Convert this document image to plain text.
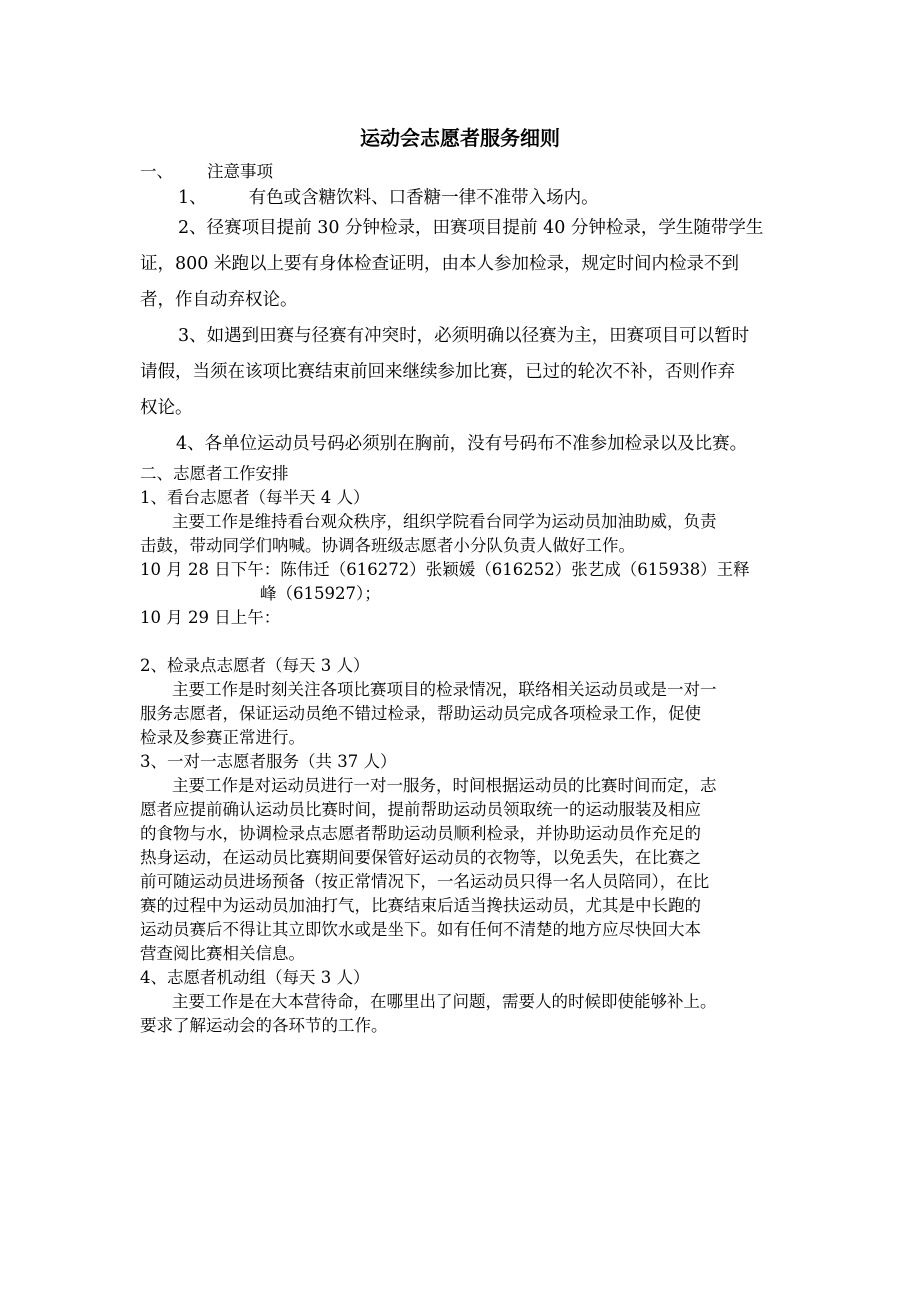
运动会志愿者服务细则
一、 注意事项
1、 有色或含糖饮料、口香糖一律不准带入场内。
2、径赛项目提前 30 分钟检录，田赛项目提前 40 分钟检录，学生随带学生
证，800 米跑以上要有身体检查证明，由本人参加检录，规定时间内检录不到
者，作自动弃权论。
3、如遇到田赛与径赛有冲突时，必须明确以径赛为主，田赛项目可以暂时
请假，当须在该项比赛结束前回来继续参加比赛，已过的轮次不补，否则作弃
权论。
4、各单位运动员号码必须别在胸前，没有号码布不准参加检录以及比赛。
二、志愿者工作安排
1、看台志愿者（每半天 4 人）
主要工作是维持看台观众秩序，组织学院看台同学为运动员加油助威，负责
击鼓，带动同学们呐喊。协调各班级志愿者小分队负责人做好工作。
10 月 28 日下午：陈伟迁（616272）张颖媛（616252）张艺成（615938）王释
峰（615927）；
10 月 29 日上午：
2、检录点志愿者（每天 3 人）
主要工作是时刻关注各项比赛项目的检录情况，联络相关运动员或是一对一
服务志愿者，保证运动员绝不错过检录，帮助运动员完成各项检录工作，促使
检录及参赛正常进行。
3、一对一志愿者服务（共 37 人）
主要工作是对运动员进行一对一服务，时间根据运动员的比赛时间而定，志
愿者应提前确认运动员比赛时间，提前帮助运动员领取统一的运动服装及相应
的食物与水，协调检录点志愿者帮助运动员顺利检录，并协助运动员作充足的
热身运动，在运动员比赛期间要保管好运动员的衣物等，以免丢失，在比赛之
前可随运动员进场预备（按正常情况下，一名运动员只得一名人员陪同），在比
赛的过程中为运动员加油打气，比赛结束后适当搀扶运动员，尤其是中长跑的
运动员赛后不得让其立即饮水或是坐下。如有任何不清楚的地方应尽快回大本
营查阅比赛相关信息。
4、志愿者机动组（每天 3 人）
主要工作是在大本营待命，在哪里出了问题，需要人的时候即使能够补上。
要求了解运动会的各环节的工作。
